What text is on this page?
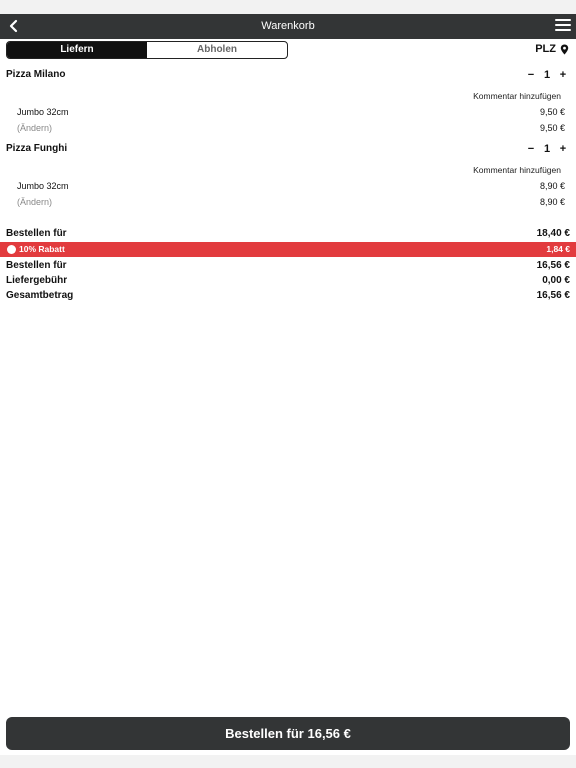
Warenkorb
Liefern	Abholen	PLZ
Pizza Milano	− 1 +
Kommentar hinzufügen
Jumbo 32cm	9,50 €
(Ändern)	9,50 €
Pizza Funghi	− 1 +
Kommentar hinzufügen
Jumbo 32cm	8,90 €
(Ändern)	8,90 €
Bestellen für	18,40 €
10% Rabatt	1,84 €
Bestellen für	16,56 €
Liefergebühr	0,00 €
Gesamtbetrag	16,56 €
Bestellen für 16,56 €
